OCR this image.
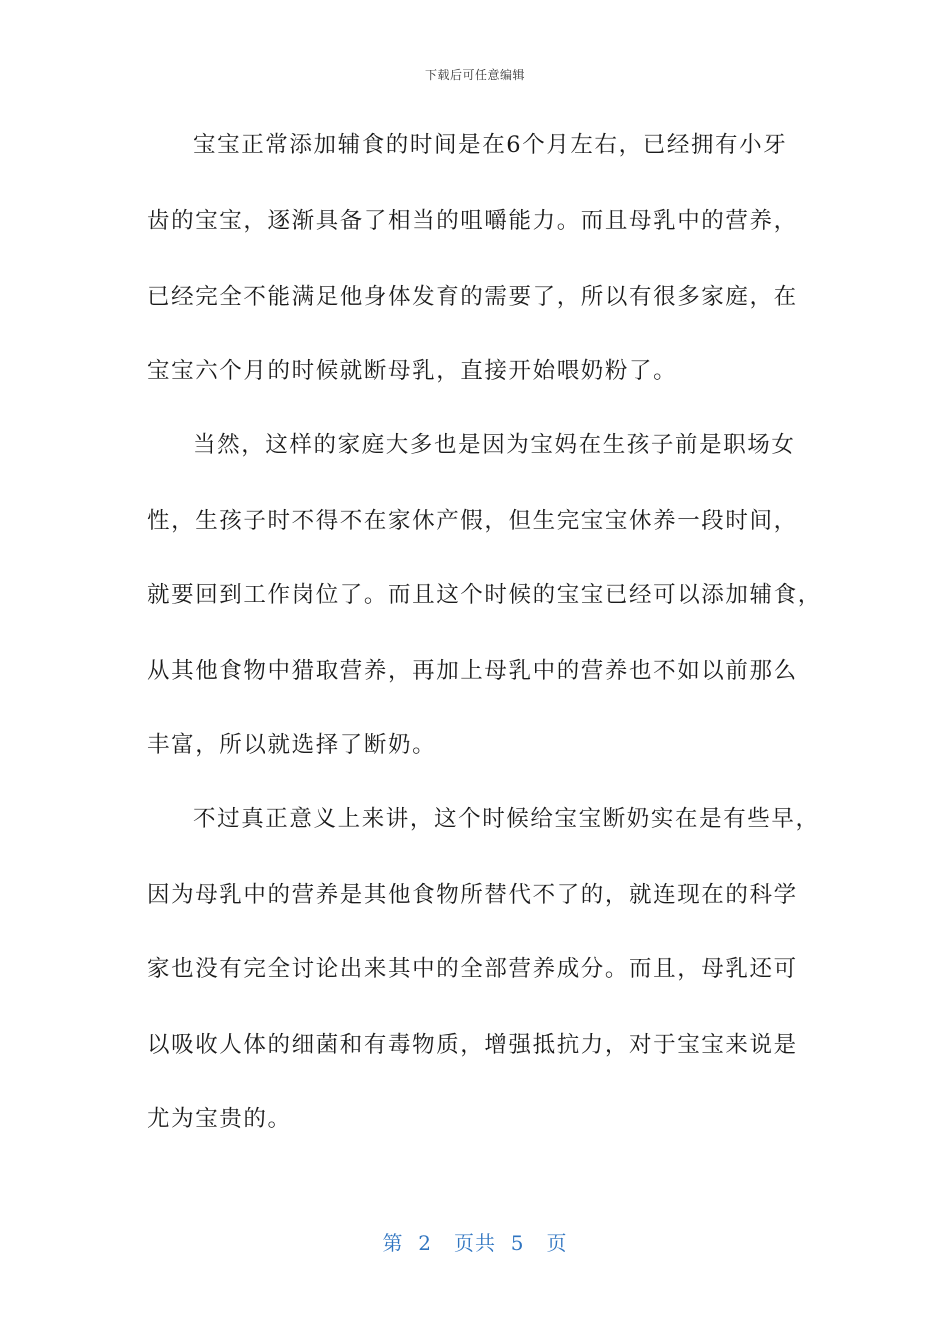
下载后可任意编辑
宝宝正常添加辅食的时间是在6个月左右，已经拥有小牙
齿的宝宝，逐渐具备了相当的咀嚼能力。而且母乳中的营养，
已经完全不能满足他身体发育的需要了，所以有很多家庭，在
宝宝六个月的时候就断母乳，直接开始喂奶粉了。
当然，这样的家庭大多也是因为宝妈在生孩子前是职场女
性，生孩子时不得不在家休产假，但生完宝宝休养一段时间，
就要回到工作岗位了。而且这个时候的宝宝已经可以添加辅食，
从其他食物中猎取营养，再加上母乳中的营养也不如以前那么
丰富，所以就选择了断奶。
不过真正意义上来讲，这个时候给宝宝断奶实在是有些早，
因为母乳中的营养是其他食物所替代不了的，就连现在的科学
家也没有完全讨论出来其中的全部营养成分。而且，母乳还可
以吸收人体的细菌和有毒物质，增强抵抗力，对于宝宝来说是
尤为宝贵的。
第  2   页共  5   页
